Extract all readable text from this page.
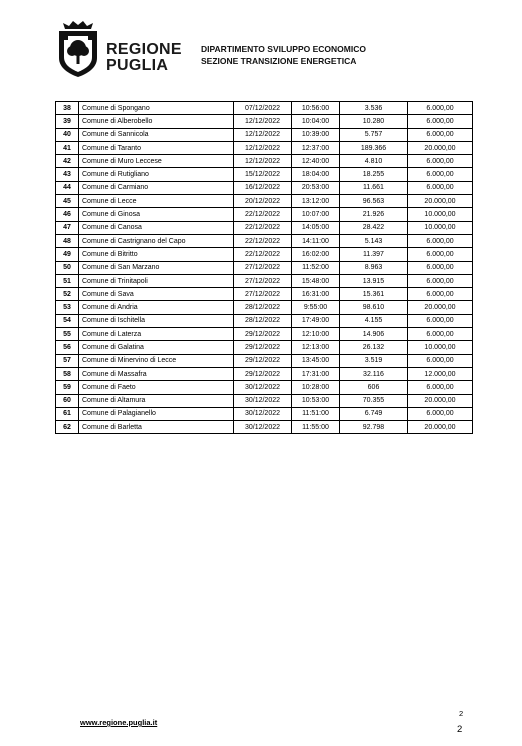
REGIONE
PUGLIA
DIPARTIMENTO SVILUPPO ECONOMICO
SEZIONE TRANSIZIONE ENERGETICA
38	Comune di Spongano	07/12/2022	10:56:00	3.536	6.000,00
39	Comune di Alberobello	12/12/2022	10:04:00	10.280	6.000,00
40	Comune di Sannicola	12/12/2022	10:39:00	5.757	6.000,00
41	Comune di Taranto	12/12/2022	12:37:00	189.366	20.000,00
42	Comune di Muro Leccese	12/12/2022	12:40:00	4.810	6.000,00
43	Comune di Rutigliano	15/12/2022	18:04:00	18.255	6.000,00
44	Comune di Carmiano	16/12/2022	20:53:00	11.661	6.000,00
45	Comune di Lecce	20/12/2022	13:12:00	96.563	20.000,00
46	Comune di Ginosa	22/12/2022	10:07:00	21.926	10.000,00
47	Comune di Canosa	22/12/2022	14:05:00	28.422	10.000,00
48	Comune di Castrignano del Capo	22/12/2022	14:11:00	5.143	6.000,00
49	Comune di Bitritto	22/12/2022	16:02:00	11.397	6.000,00
50	Comune di San Marzano	27/12/2022	11:52:00	8.963	6.000,00
51	Comune di Trinitapoli	27/12/2022	15:48:00	13.915	6.000,00
52	Comune di Sava	27/12/2022	16:31:00	15.361	6.000,00
53	Comune di Andria	28/12/2022	9:55:00	98.610	20.000,00
54	Comune di Ischitella	28/12/2022	17:49:00	4.155	6.000,00
55	Comune di Laterza	29/12/2022	12:10:00	14.906	6.000,00
56	Comune di Galatina	29/12/2022	12:13:00	26.132	10.000,00
57	Comune di Minervino di Lecce	29/12/2022	13:45:00	3.519	6.000,00
58	Comune di Massafra	29/12/2022	17:31:00	32.116	12.000,00
59	Comune di Faeto	30/12/2022	10:28:00	606	6.000,00
60	Comune di Altamura	30/12/2022	10:53:00	70.355	20.000,00
61	Comune di Palagianello	30/12/2022	11:51:00	6.749	6.000,00
62	Comune di Barletta	30/12/2022	11:55:00	92.798	20.000,00
www.regione.puglia.it
2
2
